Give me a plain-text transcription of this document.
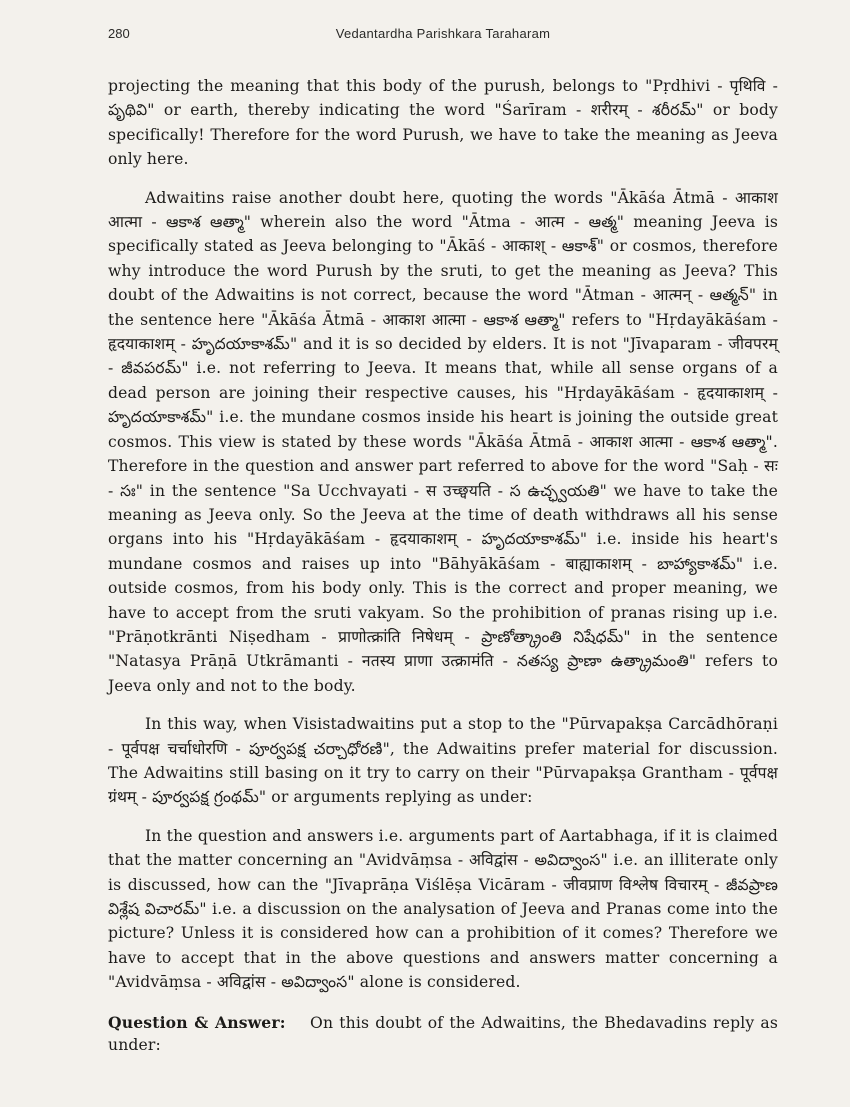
280	Vedantardha Parishkara Taraharam

projecting the meaning that this body of the purush, belongs to "Pṛdhivi - पृथिवि - పృథివి" or earth, thereby indicating the word "Śarīram - शरीरम् - శరీరమ్" or body specifically! Therefore for the word Purush, we have to take the meaning as Jeeva only here.

Adwaitins raise another doubt here, quoting the words "Ākāśa Ātmā - आकाश आत्मा - ఆకాశ ఆత్మా" wherein also the word "Ātma - आत्म - ఆత్మ" meaning Jeeva is specifically stated as Jeeva belonging to "Ākāś - आकाश् - ఆకాశ్" or cosmos, therefore why introduce the word Purush by the sruti, to get the meaning as Jeeva? This doubt of the Adwaitins is not correct, because the word "Ātman - आत्मन् - ఆత్మన్" in the sentence here "Ākāśa Ātmā - आकाश आत्मा - ఆకాశ ఆత్మా" refers to "Hṛdayākāśam - हृदयाकाशम् - హృదయాకాశమ్" and it is so decided by elders. It is not "Jīvaparam - जीवपरम् - జీవపరమ్" i.e. not referring to Jeeva. It means that, while all sense organs of a dead person are joining their respective causes, his "Hṛdayākāśam - हृदयाकाशम् - హృదయాకాశమ్" i.e. the mundane cosmos inside his heart is joining the outside great cosmos. This view is stated by these words "Ākāśa Ātmā - आकाश आत्मा - ఆకాశ ఆత్మా". Therefore in the question and answer part referred to above for the word "Saḥ - सः - సః" in the sentence "Sa Ucchvayati - स उच्छ्वयति - స ఉచ్ఛ్వయతి" we have to take the meaning as Jeeva only. So the Jeeva at the time of death withdraws all his sense organs into his "Hṛdayākāśam - हृदयाकाशम् - హృదయాకాశమ్" i.e. inside his heart's mundane cosmos and raises up into "Bāhyākāśam - बाह्याकाशम् - బాహ్యాకాశమ్" i.e. outside cosmos, from his body only. This is the correct and proper meaning, we have to accept from the sruti vakyam. So the prohibition of pranas rising up i.e. "Prāṇotkrānti Niṣedham - प्राणोत्क्रांति निषेधम् - ప్రాణోత్క్రాంతి నిషేధమ్" in the sentence "Natasya Prāṇā Utkrāmanti - नतस्य प्राणा उत्क्रामंति - నతస్య ప్రాణా ఉత్క్రామంతి" refers to Jeeva only and not to the body.

In this way, when Visistadwaitins put a stop to the "Pūrvapakṣa Carcādhōraṇi - पूर्वपक्ष चर्चाधोरणि - పూర్వపక్ష చర్చాధోరణి", the Adwaitins prefer material for discussion. The Adwaitins still basing on it try to carry on their "Pūrvapakṣa Grantham - पूर्वपक्ष ग्रंथम् - పూర్వపక్ష గ్రంథమ్" or arguments replying as under:

In the question and answers i.e. arguments part of Aartabhaga, if it is claimed that the matter concerning an "Avidvāṃsa - अविद्वांस - అవిద్వాంస" i.e. an illiterate only is discussed, how can the "Jīvaprāṇa Viślēṣa Vicāram - जीवप्राण विश्लेष विचारम् - జీవప్రాణ విశ్లేష విచారమ్" i.e. a discussion on the analysation of Jeeva and Pranas come into the picture? Unless it is considered how can a prohibition of it comes? Therefore we have to accept that in the above questions and answers matter concerning a "Avidvāṃsa - अविद्वांस - అవిద్వాంస" alone is considered.

Question & Answer: On this doubt of the Adwaitins, the Bhedavadins reply as under:
